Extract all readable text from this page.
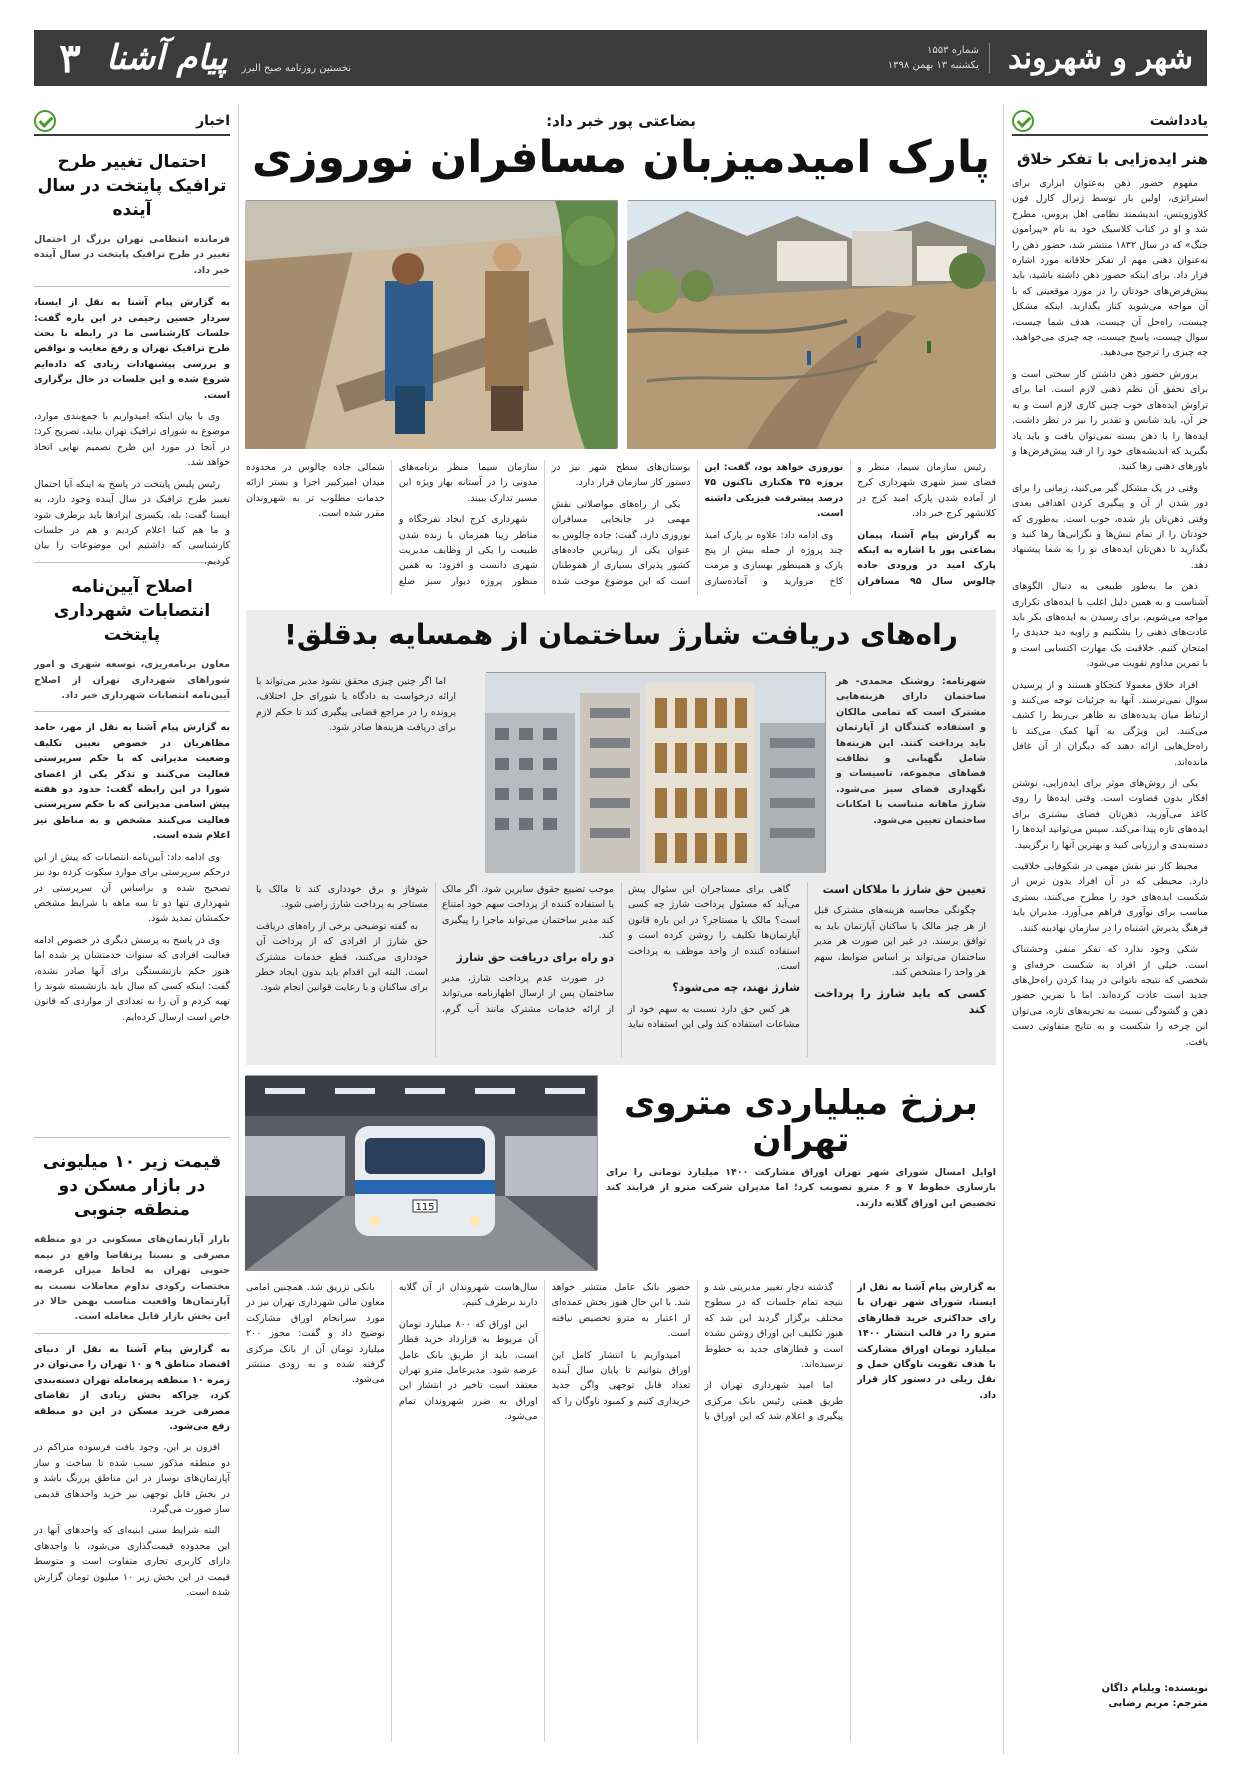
شهر و شهروند
شماره ۱۵۵۳
یکشنبه ۱۳ بهمن ۱۳۹۸
نخستین روزنامه صبح البرز
پیام آشنا
۳
یادداشت
هنر ایده‌زایی با تفکر خلاق

مفهوم حضور ذهن به‌عنوان ابزاری برای استراتژی، اولین بار توسط ژنرال کارل فون کلاوزویتس، اندیشمند نظامی اهل پروس، مطرح شد و او در کتاب کلاسیک خود به نام «پیرامون جنگ» که در سال ۱۸۳۲ منتشر شد، حضور ذهن را به‌عنوان ذهنی مهم از تفکر خلاقانه مورد اشاره قرار داد. برای اینکه حضور ذهن داشته باشید، باید پیش‌فرض‌های خودتان را در مورد موقعیتی که با آن مواجه می‌شوید کنار بگذارید. اینکه مشکل چیست، راه‌حل آن چیست، هدف شما چیست، سوال چیست، پاسخ چیست، چه چیزی می‌خواهید، چه چیزی را ترجیح می‌دهید.

پرورش حضور ذهن داشتن کار سختی است و برای تحقق آن نظم ذهنی لازم است. اما برای تراوش ایده‌های خوب چنین کاری لازم است و به جز آن، باید شانس و تقدیر را نیز در نظر داشت. ایده‌ها را با ذهن بسته نمی‌توان یافت و باید یاد بگیرید که اندیشه‌های خود را از قید پیش‌فرض‌ها و باورهای ذهنی رها کنید.

وقتی در یک مشکل گیر می‌کنید، زمانی را برای دور شدن از آن و پیگیری کردن اهدافی بعدی وقتی ذهن‌تان باز شده، خوب است. به‌طوری که خودتان را از تمام تنش‌ها و نگرانی‌ها رها کنید و بگذارید تا ذهن‌تان ایده‌های نو را به شما پیشنهاد دهد.

ذهن ما به‌طور طبیعی به دنبال الگوهای آشناست و به همین دلیل اغلب با ایده‌های تکراری مواجه می‌شویم. برای رسیدن به ایده‌های بکر باید عادت‌های ذهنی را بشکنیم و زاویه دید جدیدی را امتحان کنیم. خلاقیت یک مهارت اکتسابی است و با تمرین مداوم تقویت می‌شود.

افراد خلاق معمولا کنجکاو هستند و از پرسیدن سوال نمی‌ترسند. آنها به جزئیات توجه می‌کنند و ارتباط میان پدیده‌های به ظاهر بی‌ربط را کشف می‌کنند. این ویژگی به آنها کمک می‌کند تا راه‌حل‌هایی ارائه دهند که دیگران از آن غافل مانده‌اند.

یکی از روش‌های موثر برای ایده‌زایی، نوشتن افکار بدون قضاوت است. وقتی ایده‌ها را روی کاغذ می‌آورید، ذهن‌تان فضای بیشتری برای ایده‌های تازه پیدا می‌کند. سپس می‌توانید ایده‌ها را دسته‌بندی و ارزیابی کنید و بهترین آنها را برگزینید.

محیط کار نیز نقش مهمی در شکوفایی خلاقیت دارد. محیطی که در آن افراد بدون ترس از شکست ایده‌های خود را مطرح می‌کنند، بستری مناسب برای نوآوری فراهم می‌آورد. مدیران باید فرهنگ پذیرش اشتباه را در سازمان نهادینه کنند.

شکی وجود ندارد که تفکر منفی وحشتناک است. خیلی از افراد به شکست حرفه‌ای و شخصی که نتیجه ناتوانی در پیدا کردن راه‌حل‌های جدید است عادت کرده‌اند. اما با تمرین حضور ذهن و گشودگی نسبت به تجربه‌های تازه، می‌توان این چرخه را شکست و به نتایج متفاوتی دست یافت.

نویسنده: ویلیام داگان
مترجم: مریم رضایی
اخبار
احتمال تغییر طرح ترافیک پایتخت در سال آینده
فرمانده انتظامی تهران بزرگ از احتمال تغییر در طرح ترافیک پایتخت در سال آینده خبر داد.

به گزارش پیام آشنا به نقل از ایسنا، سردار حسین رحیمی در این باره گفت: جلسات کارشناسی ما در رابطه با بحث طرح ترافیک تهران و رفع معایب و نواقص و بررسی پیشنهادات زیادی که داده‌ایم شروع شده و این جلسات در حال برگزاری است.

وی با بیان اینکه امیدواریم با جمع‌بندی موارد، موضوع به شورای ترافیک تهران بیاید، تصریح کرد: در آنجا در مورد این طرح تصمیم نهایی اتخاذ خواهد شد.

رئیس پلیس پایتخت در پاسخ به اینکه آیا احتمال تغییر طرح ترافیک در سال آینده وجود دارد، به ایسنا گفت: بله. یکسری ایرادها باید برطرف شود و ما هم کتبا اعلام کردیم و هم در جلسات کارشناسی که داشتیم این موضوعات را بیان کردیم.

اصلاح آیین‌نامه انتصابات شهرداری پایتخت
معاون برنامه‌ریزی، توسعه شهری و امور شوراهای شهرداری تهران از اصلاح آیین‌نامه انتصابات شهرداری خبر داد.

به گزارش پیام آشنا به نقل از مهر، حامد مظاهریان در خصوص تعیین تکلیف وضعیت مدیرانی که با حکم سرپرستی فعالیت می‌کنند و تذکر یکی از اعضای شورا در این رابطه گفت: حدود دو هفته پیش اسامی مدیرانی که با حکم سرپرستی فعالیت می‌کنند مشخص و به مناطق نیز اعلام شده است.

وی ادامه داد: آیین‌نامه انتصابات که پیش از این درحکم سرپرستی برای موارد سکوت کرده بود نیز تصحیح شده و براساس آن سرپرستی در شهرداری تنها دو تا سه ماهه با شرایط مشخص حکمشان تمدید شود.

وی در پاسخ به پرسش دیگری در خصوص ادامه فعالیت افرادی که سنوات خدمتشان پر شده اما هنوز حکم بازنشستگی برای آنها صادر نشده، گفت: اینکه کسی که سال باید بازنشسته شوند را تهیه کردم و آن را به تعدادی از مواردی که قانون خاص است ارسال کرده‌ایم.

قیمت زیر ۱۰ میلیونی در بازار مسکن دو منطقه جنوبی
بازار آپارتمان‌های مسکونی در دو منطقه مصرفی و نسبتا پرتقاضا واقع در نیمه جنوبی تهران به لحاظ میزان عرضه، مختصات رکودی تداوم معاملات نسبت به آپارتمان‌ها واقعیت مناسب بهمن حالا در این بخش بازار قابل معامله است.

به گزارش پیام آشنا به نقل از دنیای اقتصاد مناطق ۹ و ۱۰ تهران را می‌توان در زمره ۱۰ منطقه پرمعامله تهران دسته‌بندی کرد، چراکه بخش زیادی از تقاضای مصرفی خرید مسکن در این دو منطقه رفع می‌شود.

افزون بر این، وجود بافت فرسوده متراکم در دو منطقه مذکور سبب شده تا ساخت و ساز آپارتمان‌های نوساز در این مناطق پررنگ باشد و در بخش قابل توجهی نیز خرید واحدهای قدیمی ساز صورت می‌گیرد.

البته شرایط سنی ابنیه‌ای که واحدهای آنها در این محدوده قیمت‌گذاری می‌شود، با واحدهای دارای کاربری تجاری متفاوت است و متوسط قیمت در این بخش زیر ۱۰ میلیون تومان گزارش شده است.

بضاعتی پور خبر داد:
پارک امیدمیزبان مسافران نوروزی

رئیس سازمان سیما، منظر و فضای سبز شهری شهرداری کرج از آماده شدن پارک امید کرج در کلانشهر کرج خبر داد.

به گزارش پیام آشنا، پیمان بضاعتی پور با اشاره به اینکه پارک امید در ورودی جاده چالوس سال ۹۵ مسافران نوروزی خواهد بود، گفت: این پروژه ۳۵ هکتاری تاکنون ۷۵ درصد پیشرفت فیزیکی داشته است.

وی ادامه داد: علاوه بر پارک امید چند پروژه از جمله بیش از پنج پارک و همینطور بهسازی و مرمت کاخ مروارید و آماده‌سازی بوستان‌های سطح شهر نیز در دستور کار سازمان قرار دارد.

یکی از راه‌های مواصلاتی نقش مهمی در جابجایی مسافران نوروزی دارد، گفت: جاده چالوس به عنوان یکی از زیباترین جاده‌های کشور پذیرای بسیاری از هموطنان است که این موضوع موجب شده سازمان سیما منظر برنامه‌های مدونی را در آستانه بهار ویژه این مسیر تدارک ببیند.

شهرداری کرج ایجاد تفرجگاه و مناظر زیبا همزمان با زنده شدن طبیعت را یکی از وظایف مدیریت شهری دانست و افزود: به همین منظور پروژه دیوار سبز ضلع شمالی جاده چالوس در محدوده میدان امیرکبیر اجرا و بستر ارائه خدمات مطلوب تر به شهروندان مقرر شده است.

راه‌های دریافت شارژ ساختمان از همسایه بدقلق!
شهرنامه: روشنک محمدی- هر ساختمان دارای هزینه‌هایی مشترک است که تمامی مالکان و استفاده کنندگان از آپارتمان باید پرداخت کنند. این هزینه‌ها شامل نگهبانی و نظافت فضاهای مجموعه، تاسیسات و نگهداری فضای سبز می‌شود. شارژ ماهانه متناسب با امکانات ساختمان تعیین می‌شود.

اما اگر چنین چیزی محقق نشود مدیر می‌تواند با ارائه درخواست به دادگاه یا شورای حل اختلاف، پرونده را در مراجع قضایی پیگیری کند تا حکم لازم برای دریافت هزینه‌ها صادر شود.

تعیین حق شارژ با ملاکان است

چگونگی محاسبه هزینه‌های مشترک قبل از هر چیز مالک یا ساکنان آپارتمان باید به توافق برسند. در غیر این صورت هر مدیر ساختمان می‌تواند بر اساس ضوابط، سهم هر واحد را مشخص کند.

کسی که باید شارژ را پرداخت کند

گاهی برای مستاجران این سئوال پیش می‌آید که مسئول پرداخت شارژ چه کسی است؟ مالک یا مستاجر؟ در این باره قانون آپارتمان‌ها تکلیف را روشن کرده است و استفاده کننده از واحد موظف به پرداخت است.

شارژ نهند، چه می‌شود؟

هر کس حق دارد نسبت به سهم خود از مشاعات استفاده کند ولی این استفاده نباید موجب تضییع حقوق سایرین شود. اگر مالک یا استفاده کننده از پرداخت سهم خود امتناع کند مدیر ساختمان می‌تواند ماجرا را پیگیری کند.

دو راه برای دریافت حق شارژ

در صورت عدم پرداخت شارژ، مدیر ساختمان پس از ارسال اظهارنامه می‌تواند از ارائه خدمات مشترک مانند آب گرم، شوفاژ و برق خودداری کند تا مالک یا مستاجر به پرداخت شارژ راضی شود.

به گفته توضیحی برخی از راه‌های دریافت حق شارژ از افرادی که از پرداخت آن خودداری می‌کنند، قطع خدمات مشترک است. البته این اقدام باید بدون ایجاد خطر برای ساکنان و با رعایت قوانین انجام شود.

برزخ میلیاردی متروی تهران
اوایل امسال شورای شهر تهران اوراق مشارکت ۱۴۰۰ میلیارد تومانی را برای بازسازی خطوط ۷ و ۶ مترو تصویب کرد؛ اما مدیران شرکت مترو از فرایند کند تخصیص این اوراق گلایه دارند.
115

به گزارش پیام آشنا به نقل از ایسنا، شورای شهر تهران با رای حداکثری خرید قطارهای مترو را در قالب انتشار ۱۴۰۰ میلیارد تومان اوراق مشارکت با هدف تقویت ناوگان حمل و نقل ریلی در دستور کار قرار داد.

گذشته دچار تغییر مدیریتی شد و نتیجه تمام جلسات که در سطوح مختلف برگزار گردید این شد که هنوز تکلیف این اوراق روشن نشده است و قطارهای جدید به خطوط نرسیده‌اند.

اما امید شهرداری تهران از طریق همتی رئیس بانک مرکزی پیگیری و اعلام شد که این اوراق با حضور بانک عامل منتشر خواهد شد. با این حال هنوز بخش عمده‌ای از اعتبار به مترو تخصیص نیافته است.

امیدواریم با انتشار کامل این اوراق بتوانیم تا پایان سال آینده تعداد قابل توجهی واگن جدید خریداری کنیم و کمبود ناوگان را که سال‌هاست شهروندان از آن گلایه دارند برطرف کنیم.

این اوراق که ۸۰۰ میلیارد تومان آن مربوط به قرارداد خرید قطار است، باید از طریق بانک عامل عرضه شود. مدیرعامل مترو تهران معتقد است تاخیر در انتشار این اوراق به ضرر شهروندان تمام می‌شود.

بانکی تزریق شد. همچنین امامی معاون مالی شهرداری تهران نیز در مورد سرانجام اوراق مشارکت توضیح داد و گفت: مجوز ۲۰۰ میلیارد تومان آن از بانک مرکزی گرفته شده و به زودی منتشر می‌شود.
